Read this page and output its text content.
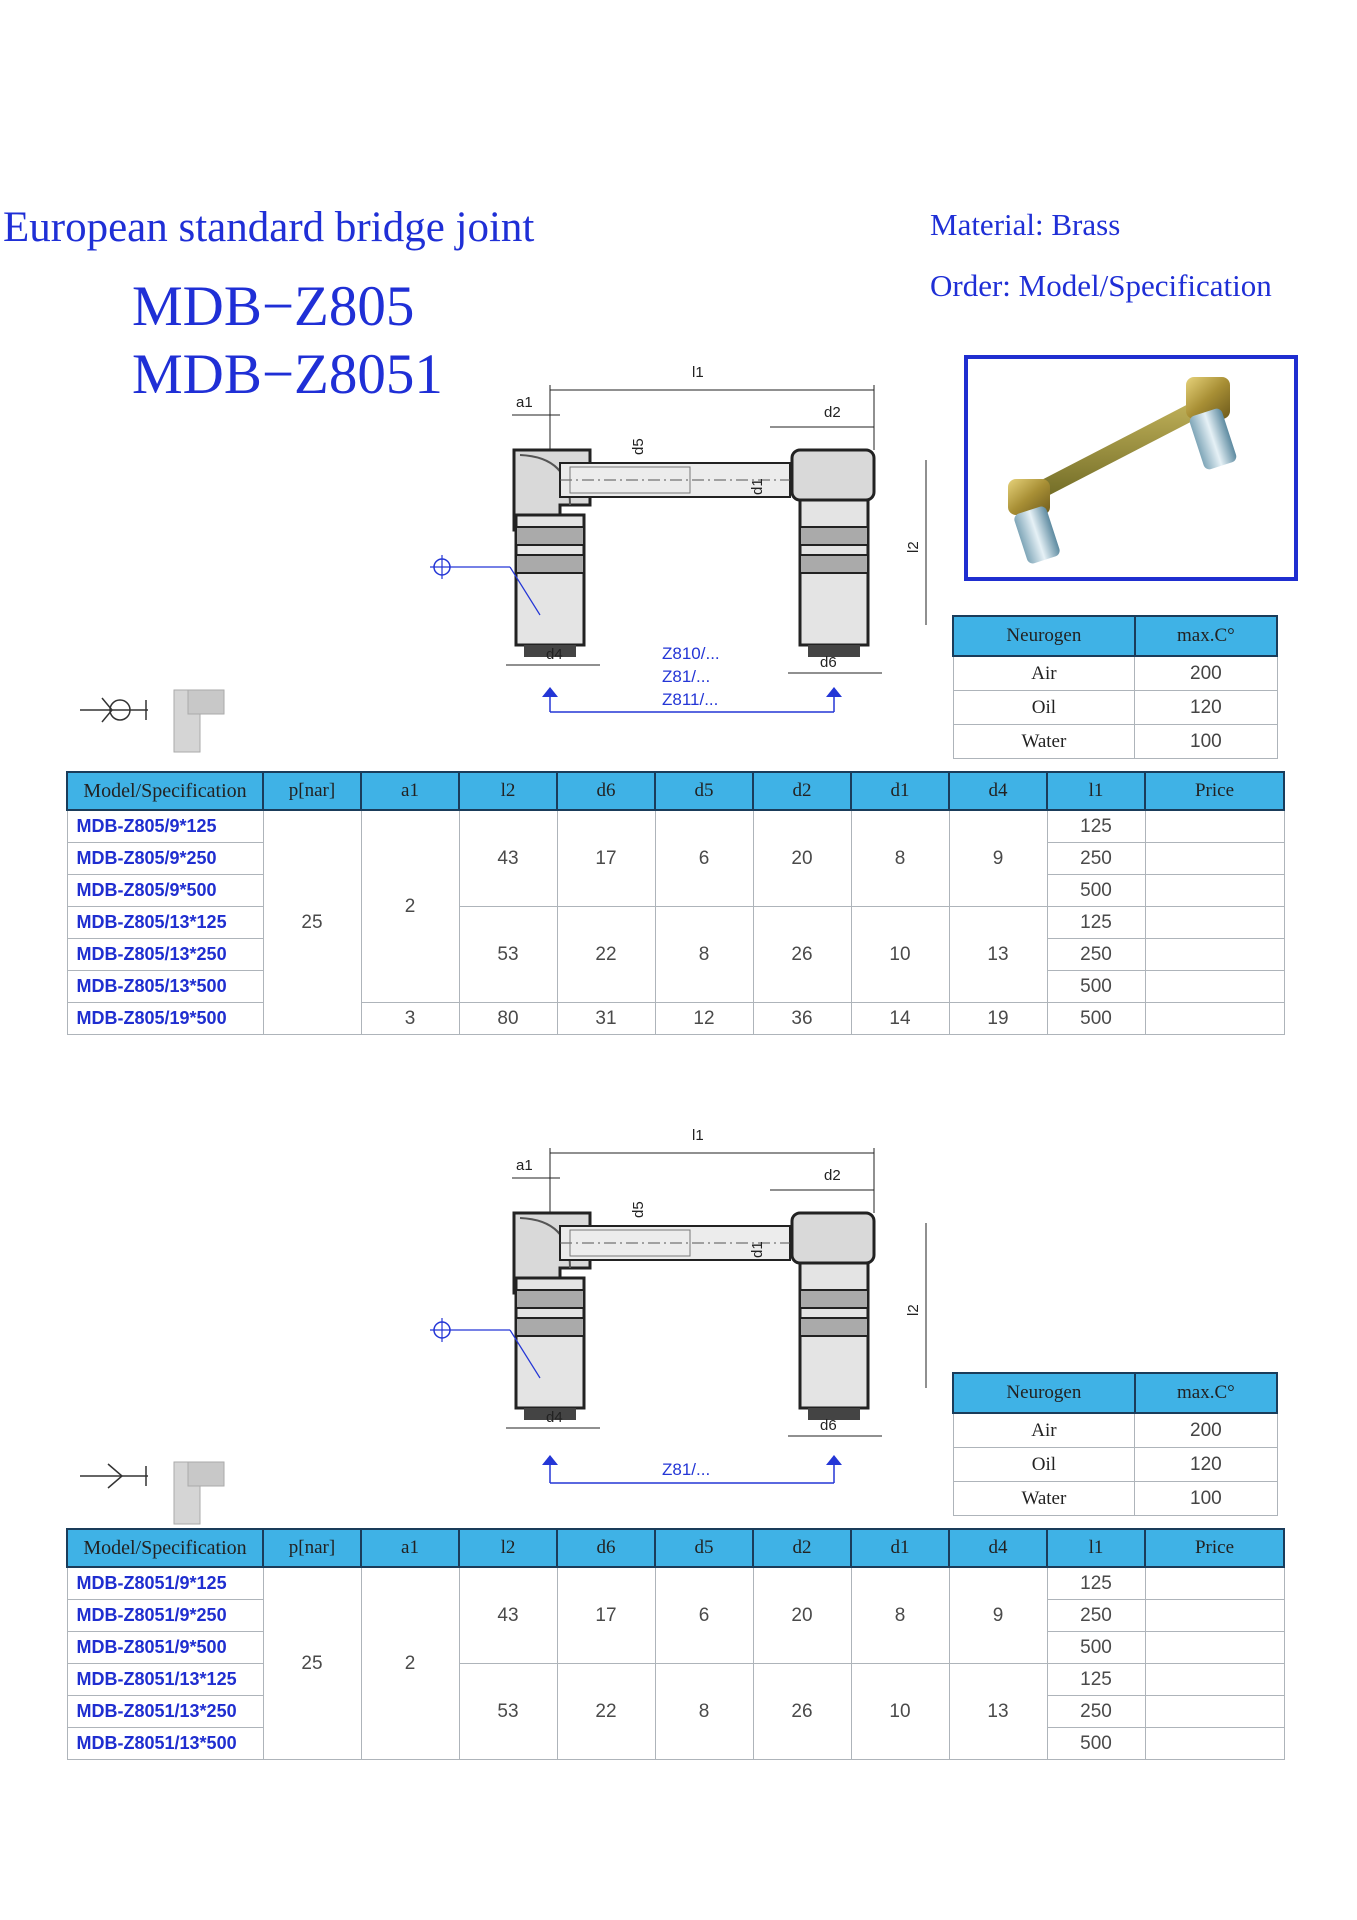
European standard bridge joint
MDB−Z805
MDB−Z8051
Material: Brass
Order: Model/Specification
l1
a1
d2
d5
d1
l2
d4	d6
Z810/...
Z81/...
Z811/...
Neurogen	max.C°
Air	200
Oil	120
Water	100
Model/Specification	p[nar]	a1	l2	d6	d5	d2	d1	d4	l1	Price
MDB-Z805/9*125	25	2	43	17	6	20	8	9	125	
MDB-Z805/9*250									250	
MDB-Z805/9*500									500	
MDB-Z805/13*125			53	22	8	26	10	13	125	
MDB-Z805/13*250									250	
MDB-Z805/13*500									500	
MDB-Z805/19*500		3	80	31	12	36	14	19	500	
l1
a1
d2
d5
d1
l2
d4	d6
Z81/...
Neurogen	max.C°
Air	200
Oil	120
Water	100
Model/Specification	p[nar]	a1	l2	d6	d5	d2	d1	d4	l1	Price
MDB-Z8051/9*125	25	2	43	17	6	20	8	9	125	
MDB-Z8051/9*250									250	
MDB-Z8051/9*500									500	
MDB-Z8051/13*125			53	22	8	26	10	13	125	
MDB-Z8051/13*250									250	
MDB-Z8051/13*500									500	
